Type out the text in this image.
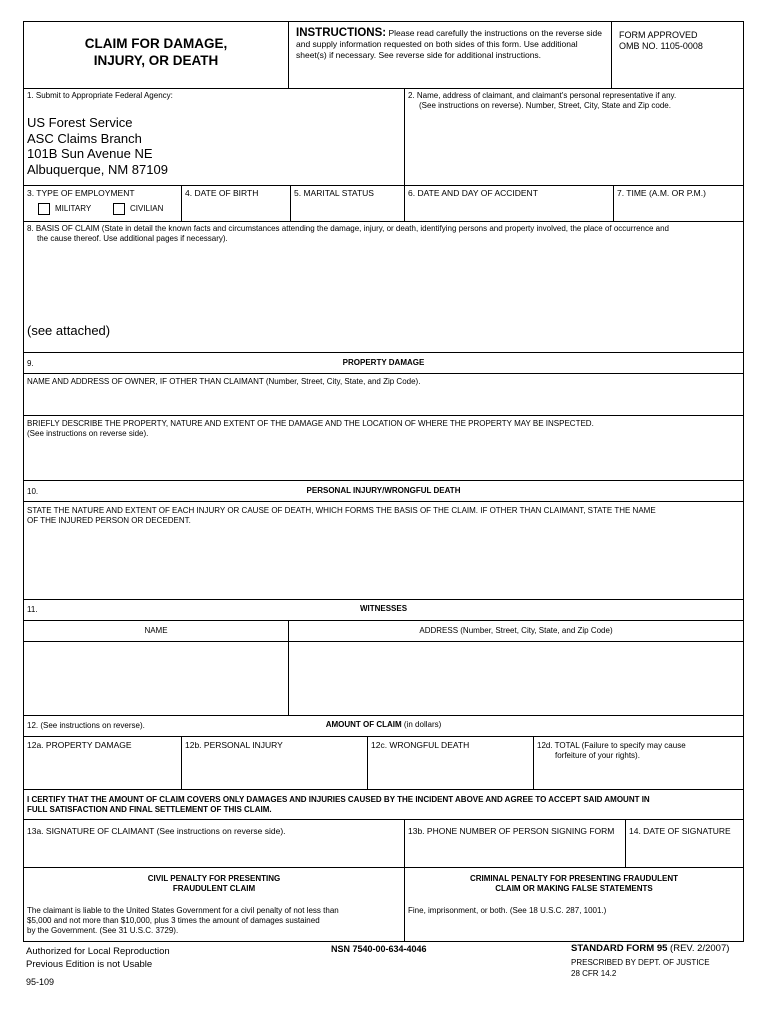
CLAIM FOR DAMAGE,
INJURY, OR DEATH
INSTRUCTIONS: Please read carefully the instructions on the reverse side and supply information requested on both sides of this form. Use additional sheet(s) if necessary. See reverse side for additional instructions.
FORM APPROVED
OMB NO. 1105-0008
1. Submit to Appropriate Federal Agency:
US Forest Service
ASC Claims Branch
101B Sun Avenue NE
Albuquerque, NM 87109
2. Name, address of claimant, and claimant's personal representative if any.
(See instructions on reverse). Number, Street, City, State and Zip code.
3. TYPE OF EMPLOYMENT
MILITARY	CIVILIAN
4. DATE OF BIRTH	5. MARITAL STATUS	6. DATE AND DAY OF ACCIDENT	7. TIME (A.M. OR P.M.)
8. BASIS OF CLAIM (State in detail the known facts and circumstances attending the damage, injury, or death, identifying persons and property involved, the place of occurrence and
the cause thereof. Use additional pages if necessary).
(see attached)
9.	PROPERTY DAMAGE
NAME AND ADDRESS OF OWNER, IF OTHER THAN CLAIMANT (Number, Street, City, State, and Zip Code).
BRIEFLY DESCRIBE THE PROPERTY, NATURE AND EXTENT OF THE DAMAGE AND THE LOCATION OF WHERE THE PROPERTY MAY BE INSPECTED.
(See instructions on reverse side).
10.	PERSONAL INJURY/WRONGFUL DEATH
STATE THE NATURE AND EXTENT OF EACH INJURY OR CAUSE OF DEATH, WHICH FORMS THE BASIS OF THE CLAIM. IF OTHER THAN CLAIMANT, STATE THE NAME
OF THE INJURED PERSON OR DECEDENT.
11.	WITNESSES
NAME	ADDRESS (Number, Street, City, State, and Zip Code)
12. (See instructions on reverse).	AMOUNT OF CLAIM (in dollars)
12a. PROPERTY DAMAGE	12b. PERSONAL INJURY	12c. WRONGFUL DEATH	12d. TOTAL (Failure to specify may cause
forfeiture of your rights).
I CERTIFY THAT THE AMOUNT OF CLAIM COVERS ONLY DAMAGES AND INJURIES CAUSED BY THE INCIDENT ABOVE AND AGREE TO ACCEPT SAID AMOUNT IN
FULL SATISFACTION AND FINAL SETTLEMENT OF THIS CLAIM.
13a. SIGNATURE OF CLAIMANT (See instructions on reverse side).	13b. PHONE NUMBER OF PERSON SIGNING FORM 14. DATE OF SIGNATURE
CIVIL PENALTY FOR PRESENTING
FRAUDULENT CLAIM
The claimant is liable to the United States Government for a civil penalty of not less than
$5,000 and not more than $10,000, plus 3 times the amount of damages sustained
by the Government. (See 31 U.S.C. 3729).
CRIMINAL PENALTY FOR PRESENTING FRAUDULENT
CLAIM OR MAKING FALSE STATEMENTS
Fine, imprisonment, or both. (See 18 U.S.C. 287, 1001.)
Authorized for Local Reproduction
Previous Edition is not Usable
95-109
NSN 7540-00-634-4046	STANDARD FORM 95 (REV. 2/2007)
PRESCRIBED BY DEPT. OF JUSTICE
28 CFR 14.2
